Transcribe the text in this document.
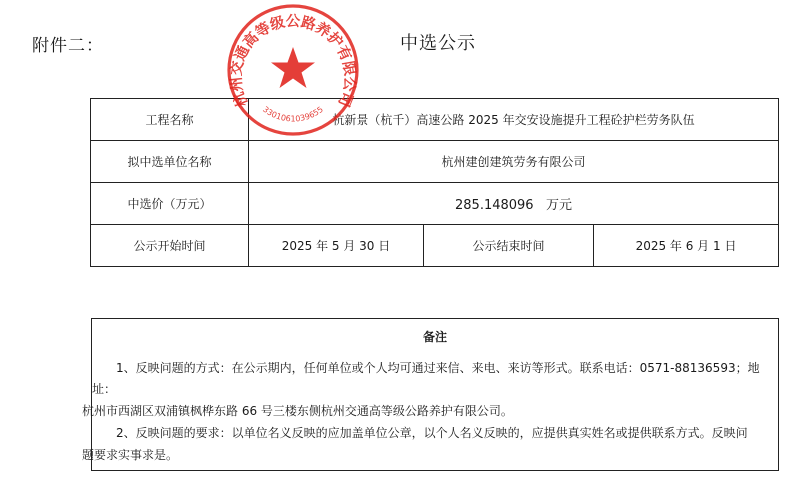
附件二：	中选公示
工程名称	杭新景（杭千）高速公路 2025 年交安设施提升工程砼护栏劳务队伍		
拟中选单位名称	杭州建创建筑劳务有限公司		
中选价（万元）	285.148096 万元		
公示开始时间	2025 年 5 月 30 日	公示结束时间	2025 年 6 月 1 日
备注

1、反映问题的方式：在公示期内，任何单位或个人均可通过来信、来电、来访等形式。联系电话：0571-88136593；地址：

杭州市西湖区双浦镇枫桦东路 66 号三楼东侧杭州交通高等级公路养护有限公司。

2、反映问题的要求：以单位名义反映的应加盖单位公章，以个人名义反映的，应提供真实姓名或提供联系方式。反映问

题要求实事求是。

杭州交通高等级公路养护有限公司
3301061039655
